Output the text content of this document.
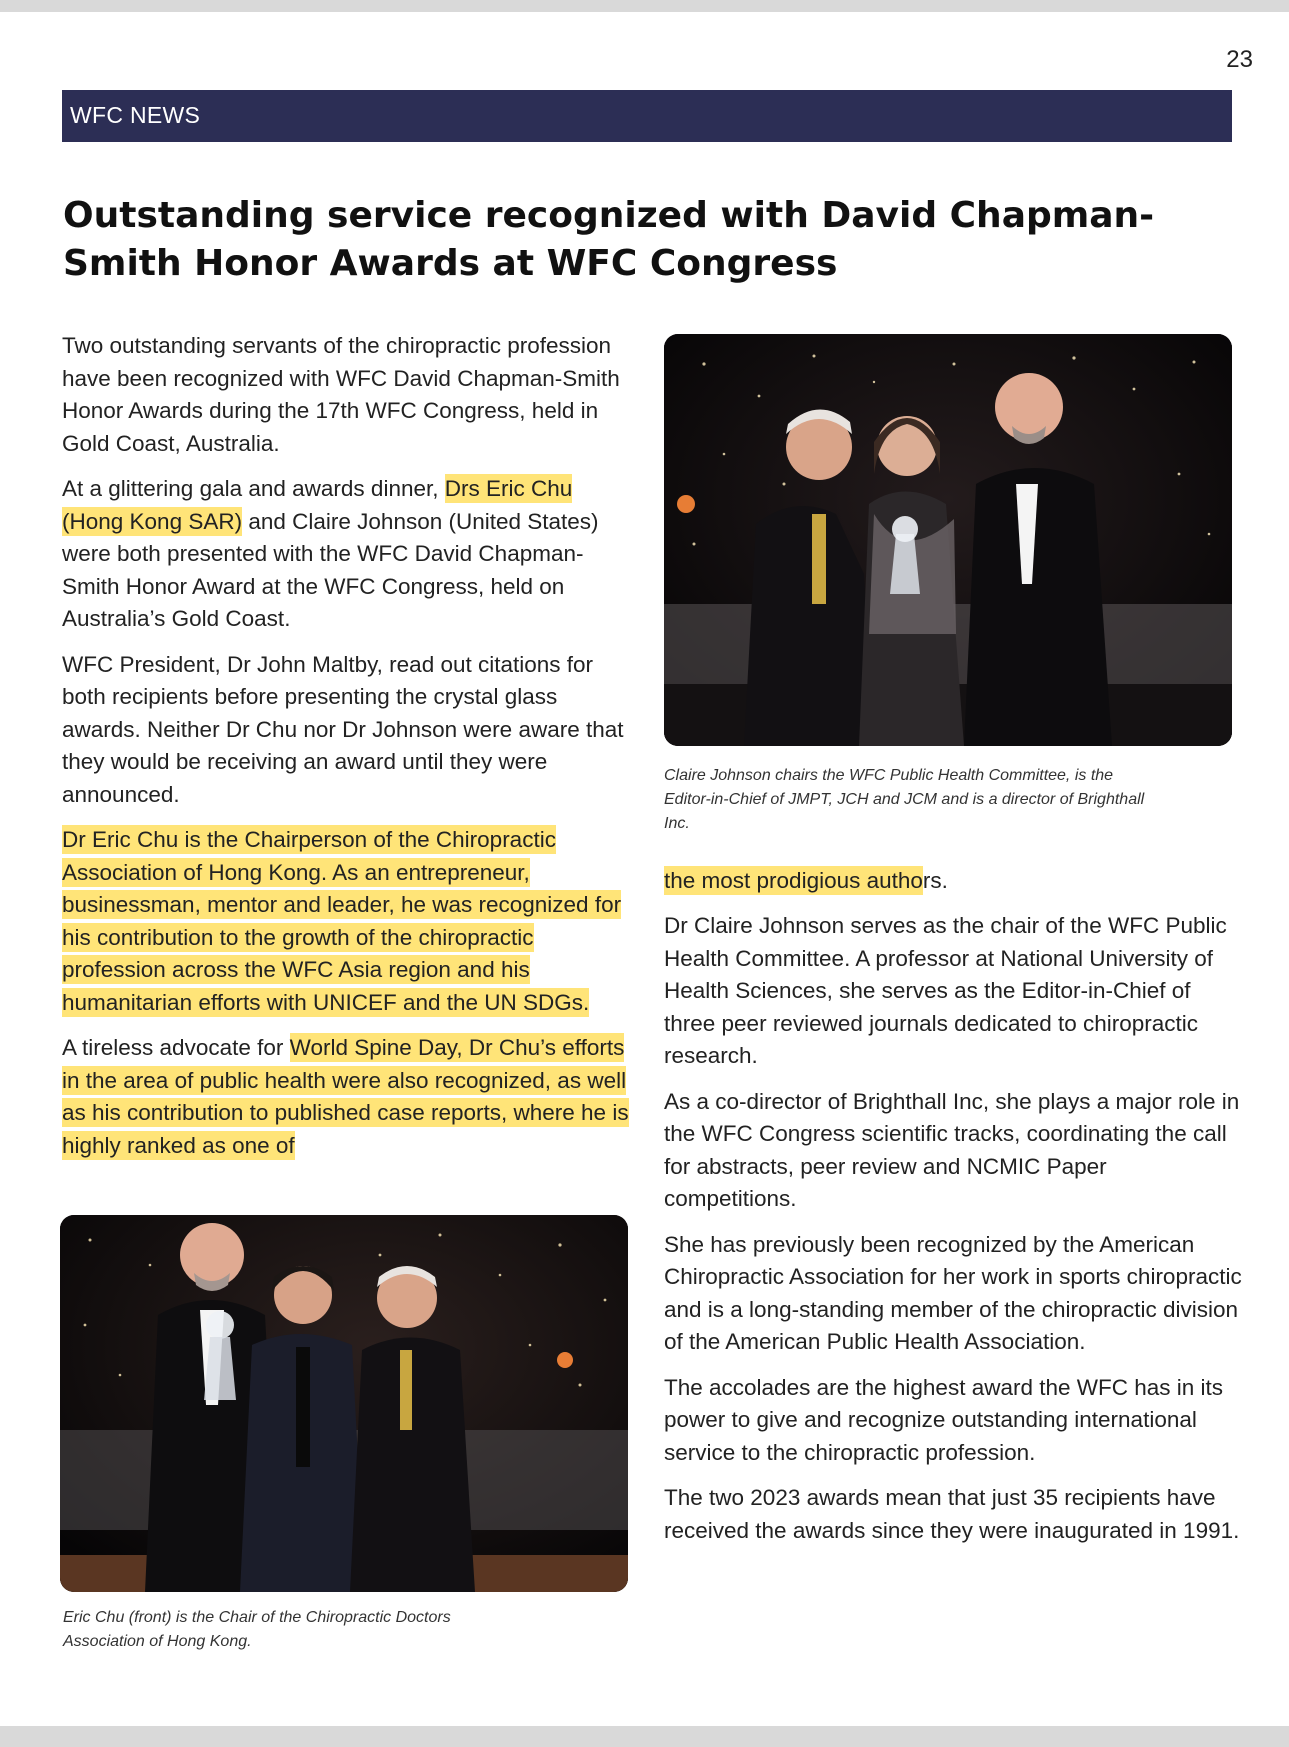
23
WFC NEWS
Outstanding service recognized with David Chapman-Smith Honor Awards at WFC Congress

Two outstanding servants of the chiropractic profession have been recognized with WFC David Chapman-Smith Honor Awards during the 17th WFC Congress, held in Gold Coast, Australia.

At a glittering gala and awards dinner, Drs Eric Chu (Hong Kong SAR) and Claire Johnson (United States) were both presented with the WFC David Chapman-Smith Honor Award at the WFC Congress, held on Australia’s Gold Coast.

WFC President, Dr John Maltby, read out citations for both recipients before presenting the crystal glass awards. Neither Dr Chu nor Dr Johnson were aware that they would be receiving an award until they were announced.

Dr Eric Chu is the Chairperson of the Chiropractic Association of Hong Kong. As an entrepreneur, businessman, mentor and leader, he was recognized for his contribution to the growth of the chiropractic profession across the WFC Asia region and his humanitarian efforts with UNICEF and the UN SDGs.

A tireless advocate for World Spine Day, Dr Chu’s efforts in the area of public health were also recognized, as well as his contribution to published case reports, where he is highly ranked as one of

Claire Johnson chairs the WFC Public Health Committee, is the Editor-in-Chief of JMPT, JCH and JCM and is a director of Brighthall Inc.

the most prodigious authors.

Dr Claire Johnson serves as the chair of the WFC Public Health Committee. A professor at National University of Health Sciences, she serves as the Editor-in-Chief of three peer reviewed journals dedicated to chiropractic research.

As a co-director of Brighthall Inc, she plays a major role in the WFC Congress scientific tracks, coordinating the call for abstracts, peer review and NCMIC Paper competitions.

She has previously been recognized by the American Chiropractic Association for her work in sports chiropractic and is a long-standing member of the chiropractic division of the American Public Health Association.

The accolades are the highest award the WFC has in its power to give and recognize outstanding international service to the chiropractic profession.

The two 2023 awards mean that just 35 recipients have received the awards since they were inaugurated in 1991.

Eric Chu (front) is the Chair of the Chiropractic Doctors Association of Hong Kong.
